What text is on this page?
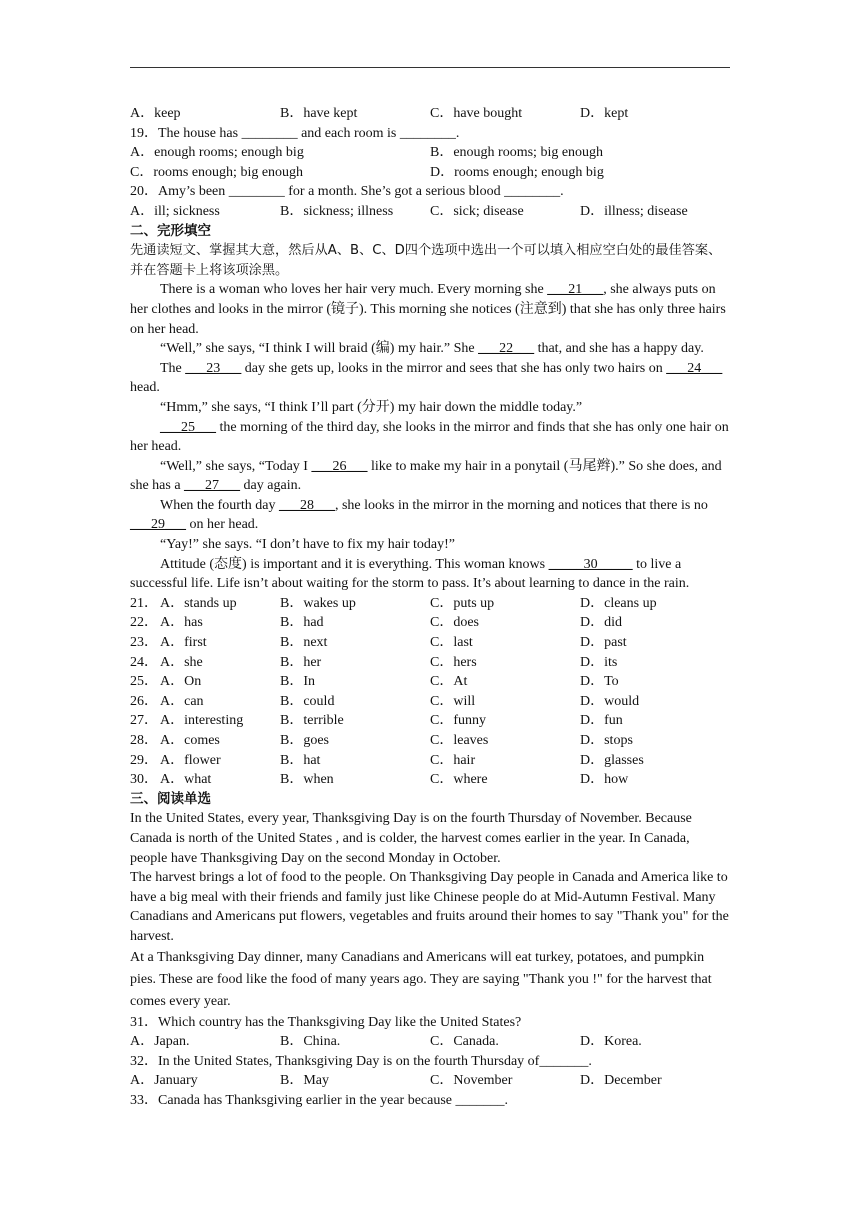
A．keep	B．have kept	C．have bought	D．kept
19．The house has ________ and each room is ________.
A．enough rooms; enough big	B．enough rooms; big enough
C．rooms enough; big enough	D．rooms enough; enough big
20．Amy’s been ________ for a month. She’s got a serious blood ________.
A．ill; sickness	B．sickness; illness	C．sick; disease	D．illness; disease
二、完形填空

先通读短文、掌握其大意，然后从A、B、C、D四个选项中选出一个可以填入相应空白处的最佳答案、并在答题卡上将该项涂黑。

There is a woman who loves her hair very much. Every morning she ___21___, she always puts on her clothes and looks in the mirror (镜子). This morning she notices (注意到) that she has only three hairs on her head.

“Well,” she says, “I think I will braid (编) my hair.” She ___22___ that, and she has a happy day.

The ___23___ day she gets up, looks in the mirror and sees that she has only two hairs on ___24___ head.

“Hmm,” she says, “I think I’ll part (分开) my hair down the middle today.”

___25___ the morning of the third day, she looks in the mirror and finds that she has only one hair on her head.

“Well,” she says, “Today I ___26___ like to make my hair in a ponytail (马尾辫).” So she does, and she has a ___27___ day again.

When the fourth day ___28___, she looks in the mirror in the morning and notices that there is no ___29___ on her head.

“Yay!” she says. “I don’t have to fix my hair today!”

Attitude (态度) is important and it is everything. This woman knows _____30_____ to live a successful life. Life isn’t about waiting for the storm to pass. It’s about learning to dance in the rain.

21． A．stands up	B．wakes up	C．puts up	D．cleans up
22． A．has	B．had	C．does	D．did
23． A．first	B．next	C．last	D．past
24． A．she	B．her	C．hers	D．its
25． A．On	B．In	C．At	D．To
26． A．can	B．could	C．will	D．would
27． A．interesting	B．terrible	C．funny	D．fun
28． A．comes	B．goes	C．leaves	D．stops
29． A．flower	B．hat	C．hair	D．glasses
30． A．what	B．when	C．where	D．how
三、阅读单选

In the United States, every year, Thanksgiving Day is on the fourth Thursday of November. Because Canada is north of the United States , and is colder, the harvest comes earlier in the year. In Canada, people have Thanksgiving Day on the second Monday in October.

The harvest brings a lot of food to the people. On Thanksgiving Day people in Canada and America like to have a big meal with their friends and family just like Chinese people do at Mid-Autumn Festival. Many Canadians and Americans put flowers, vegetables and fruits around their homes to say "Thank you" for the harvest.

At a Thanksgiving Day dinner, many Canadians and Americans will eat turkey, potatoes, and pumpkin pies. These are food like the food of many years ago. They are saying "Thank you !" for the harvest that comes every year.

31．Which country has the Thanksgiving Day like the United States?
A．Japan.	B．China.	C．Canada.	D．Korea.
32．In the United States, Thanksgiving Day is on the fourth Thursday of_______.
A．January	B．May	C．November	D．December
33．Canada has Thanksgiving earlier in the year because _______.
